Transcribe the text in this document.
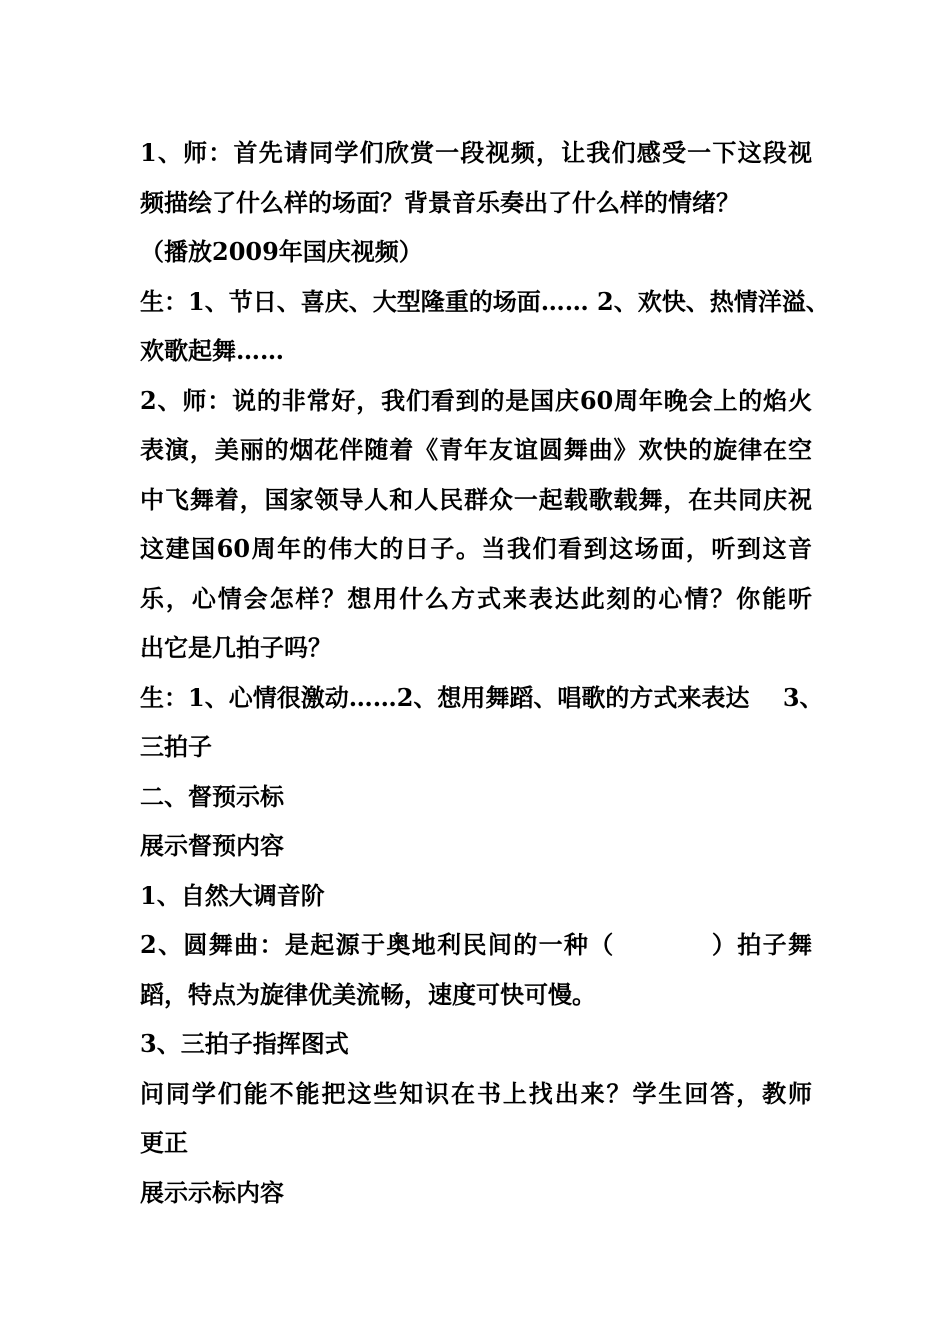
1、师：首先请同学们欣赏一段视频，让我们感受一下这段视
频描绘了什么样的场面？背景音乐奏出了什么样的情绪？
（播放2009年国庆视频）
生：1、节日、喜庆、大型隆重的场面…… 2、欢快、热情洋溢、
欢歌起舞……
2、师：说的非常好，我们看到的是国庆60周年晚会上的焰火
表演，美丽的烟花伴随着《青年友谊圆舞曲》欢快的旋律在空
中飞舞着，国家领导人和人民群众一起载歌载舞，在共同庆祝
这建国60周年的伟大的日子。当我们看到这场面，听到这音
乐，心情会怎样？想用什么方式来表达此刻的心情？你能听
出它是几拍子吗？
生：1、心情很激动……2、想用舞蹈、唱歌的方式来表达    3、
三拍子
二、督预示标
展示督预内容
1、自然大调音阶
2、圆舞曲：是起源于奥地利民间的一种（          ）拍子舞
蹈，特点为旋律优美流畅，速度可快可慢。
3、三拍子指挥图式
问同学们能不能把这些知识在书上找出来？学生回答，教师
更正
展示示标内容
